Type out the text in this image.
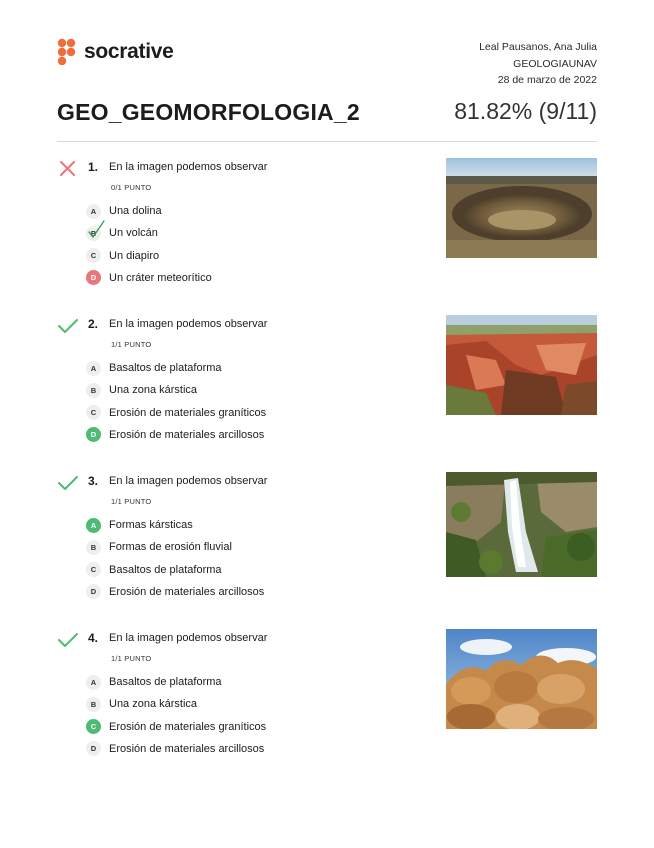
socrative	Leal Pausanos, Ana Julia
GEOLOGIAUNAV
28 de marzo de 2022
GEO_GEOMORFOLOGIA_2	81.82% (9/11)
1. En la imagen podemos observar
0/1 PUNTO
A	Una dolina
B Un volcán
C	Un diapiro
D	Un cráter meteorítico
2. En la imagen podemos observar
1/1 PUNTO
A	Basaltos de plataforma
B	Una zona kárstica
C	Erosión de materiales graníticos
D	Erosión de materiales arcillosos
3. En la imagen podemos observar
1/1 PUNTO
A	Formas kársticas
B	Formas de erosión fluvial
C	Basaltos de plataforma
D	Erosión de materiales arcillosos
4. En la imagen podemos observar
1/1 PUNTO
A	Basaltos de plataforma
B	Una zona kárstica
C	Erosión de materiales graníticos
D	Erosión de materiales arcillosos
